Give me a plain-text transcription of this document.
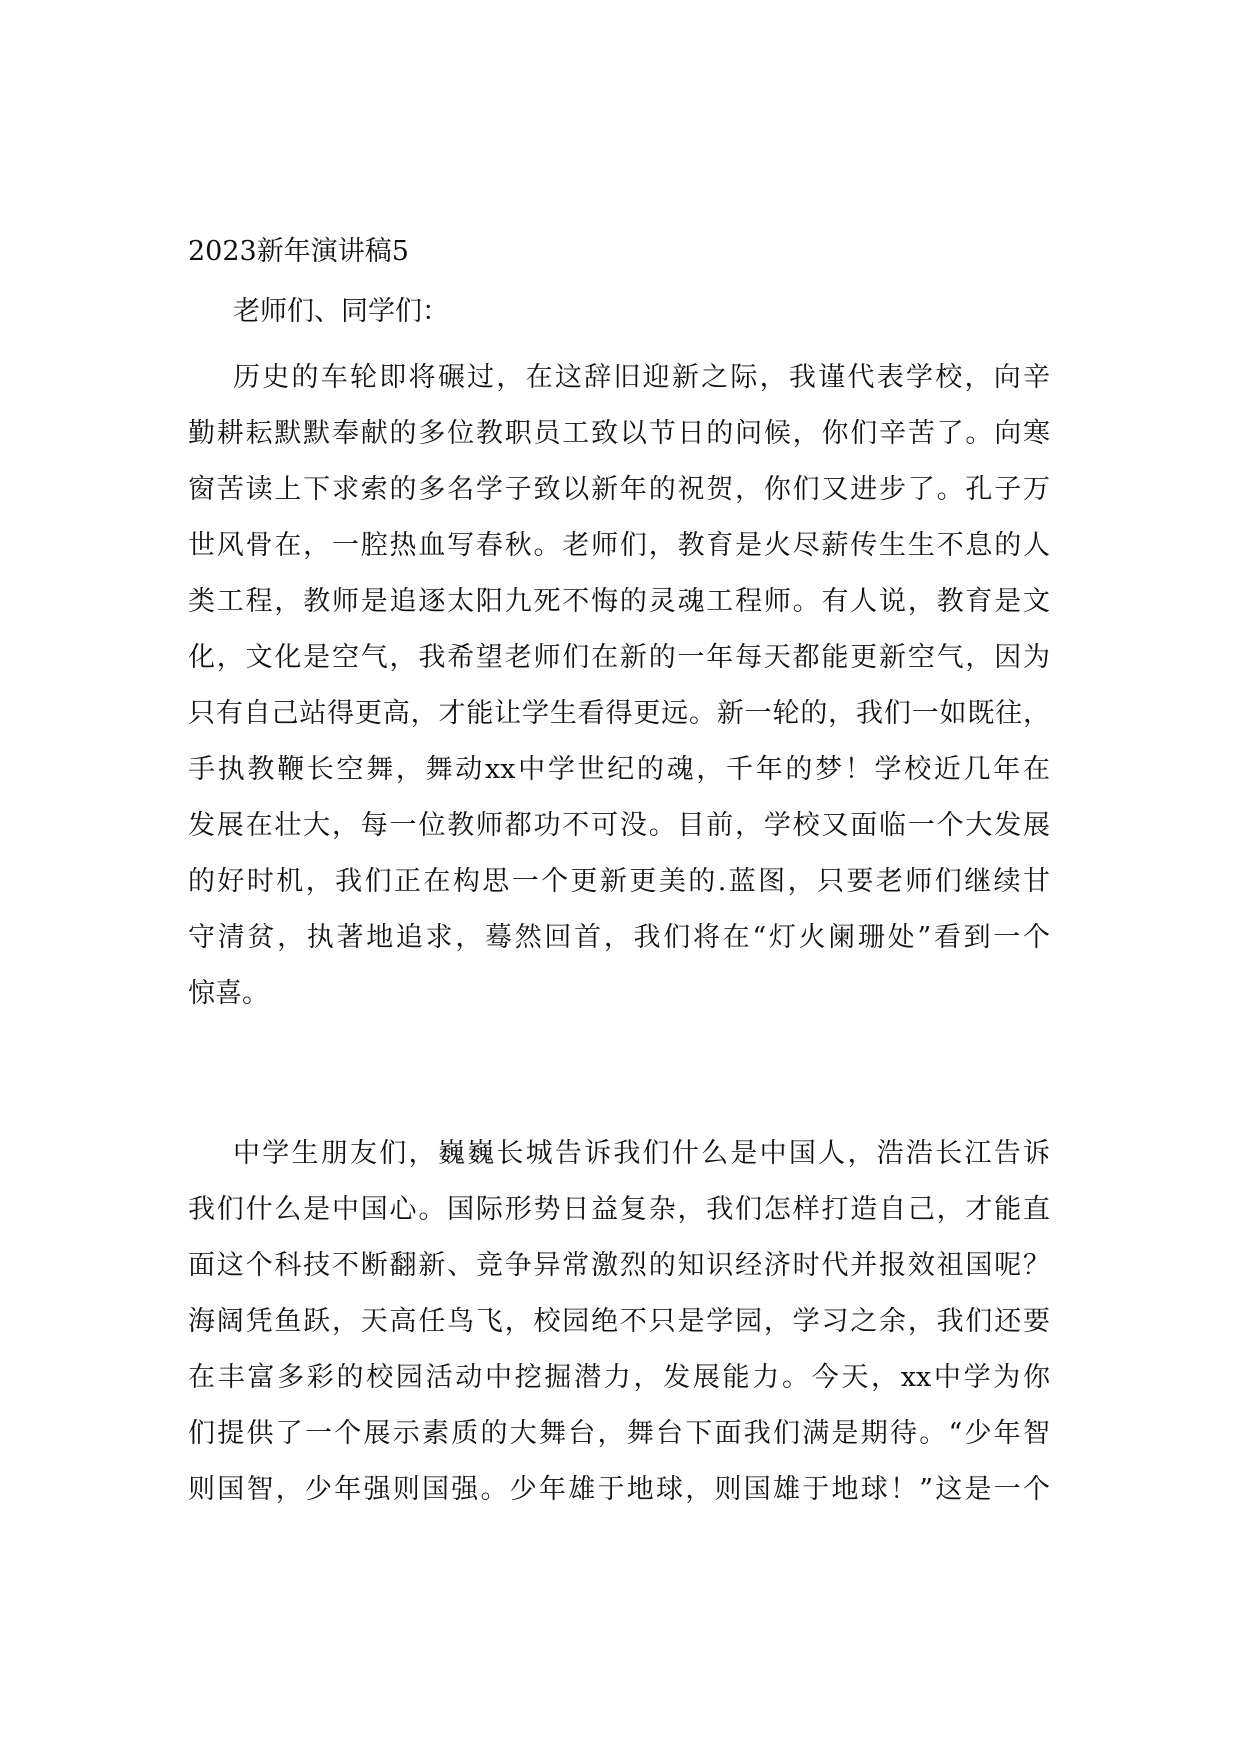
2023新年演讲稿5
老师们、同学们：
历史的车轮即将碾过，在这辞旧迎新之际，我谨代表学校，向辛
勤耕耘默默奉献的多位教职员工致以节日的问候，你们辛苦了。向寒
窗苦读上下求索的多名学子致以新年的祝贺，你们又进步了。孔子万
世风骨在，一腔热血写春秋。老师们，教育是火尽薪传生生不息的人
类工程，教师是追逐太阳九死不悔的灵魂工程师。有人说，教育是文
化，文化是空气，我希望老师们在新的一年每天都能更新空气，因为
只有自己站得更高，才能让学生看得更远。新一轮的，我们一如既往，
手执教鞭长空舞，舞动xx中学世纪的魂，千年的梦！学校近几年在
发展在壮大，每一位教师都功不可没。目前，学校又面临一个大发展
的好时机，我们正在构思一个更新更美的.蓝图，只要老师们继续甘
守清贫，执著地追求，蓦然回首，我们将在“灯火阑珊处”看到一个
惊喜。
中学生朋友们，巍巍长城告诉我们什么是中国人，浩浩长江告诉
我们什么是中国心。国际形势日益复杂，我们怎样打造自己，才能直
面这个科技不断翻新、竞争异常激烈的知识经济时代并报效祖国呢？
海阔凭鱼跃，天高任鸟飞，校园绝不只是学园，学习之余，我们还要
在丰富多彩的校园活动中挖掘潜力，发展能力。今天，xx中学为你
们提供了一个展示素质的大舞台，舞台下面我们满是期待。“少年智
则国智，少年强则国强。少年雄于地球，则国雄于地球！”这是一个
